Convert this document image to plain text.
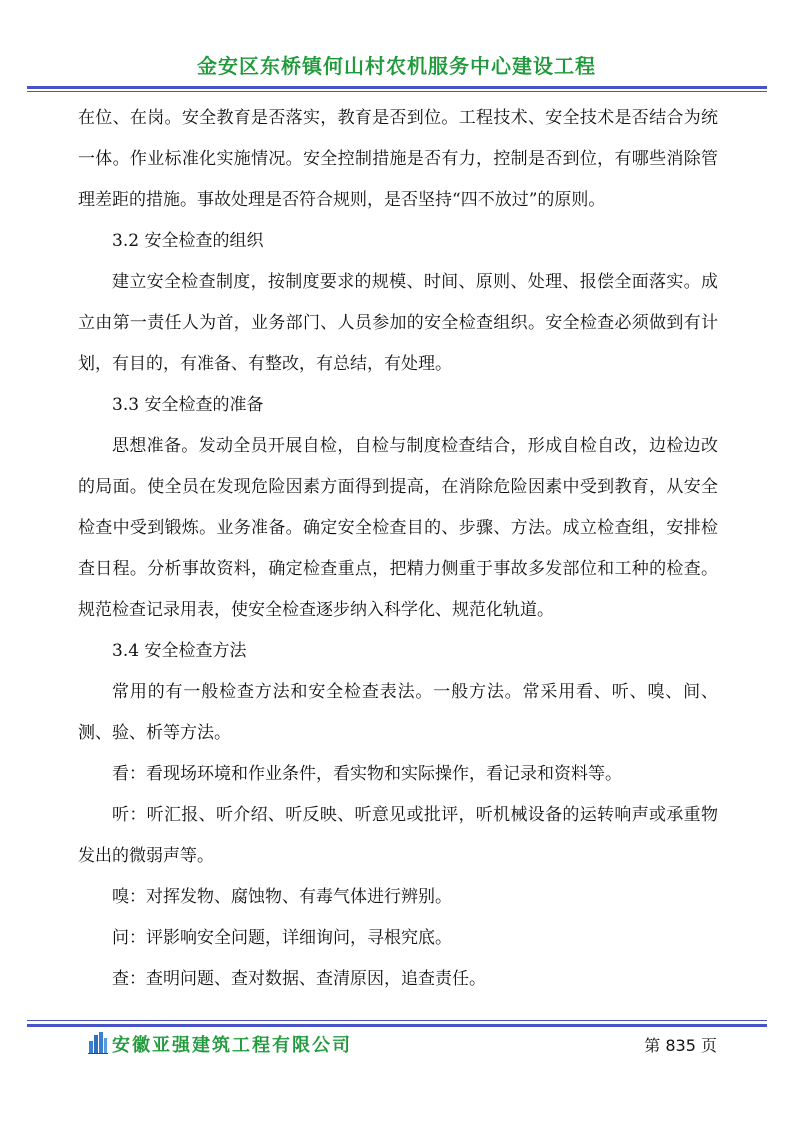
金安区东桥镇何山村农机服务中心建设工程

在位、在岗。安全教育是否落实，教育是否到位。工程技术、安全技术是否结合为统一体。作业标准化实施情况。安全控制措施是否有力，控制是否到位，有哪些消除管理差距的措施。事故处理是否符合规则，是否坚持“四不放过”的原则。

3.2 安全检查的组织

建立安全检查制度，按制度要求的规模、时间、原则、处理、报偿全面落实。成立由第一责任人为首，业务部门、人员参加的安全检查组织。安全检查必须做到有计划，有目的，有准备、有整改，有总结，有处理。

3.3 安全检查的准备

思想准备。发动全员开展自检，自检与制度检查结合，形成自检自改，边检边改的局面。使全员在发现危险因素方面得到提高，在消除危险因素中受到教育，从安全检查中受到锻炼。业务准备。确定安全检查目的、步骤、方法。成立检查组，安排检查日程。分析事故资料，确定检查重点，把精力侧重于事故多发部位和工种的检查。规范检查记录用表，使安全检查逐步纳入科学化、规范化轨道。

3.4 安全检查方法

常用的有一般检查方法和安全检查表法。一般方法。常采用看、听、嗅、间、测、验、析等方法。

看：看现场环境和作业条件，看实物和实际操作，看记录和资料等。

听：听汇报、听介绍、听反映、听意见或批评，听机械设备的运转响声或承重物发出的微弱声等。

嗅：对挥发物、腐蚀物、有毒气体进行辨别。

问：评影响安全问题，详细询问，寻根究底。

查：查明问题、查对数据、查清原因，追查责任。

安徽亚强建筑工程有限公司	第 835 页
